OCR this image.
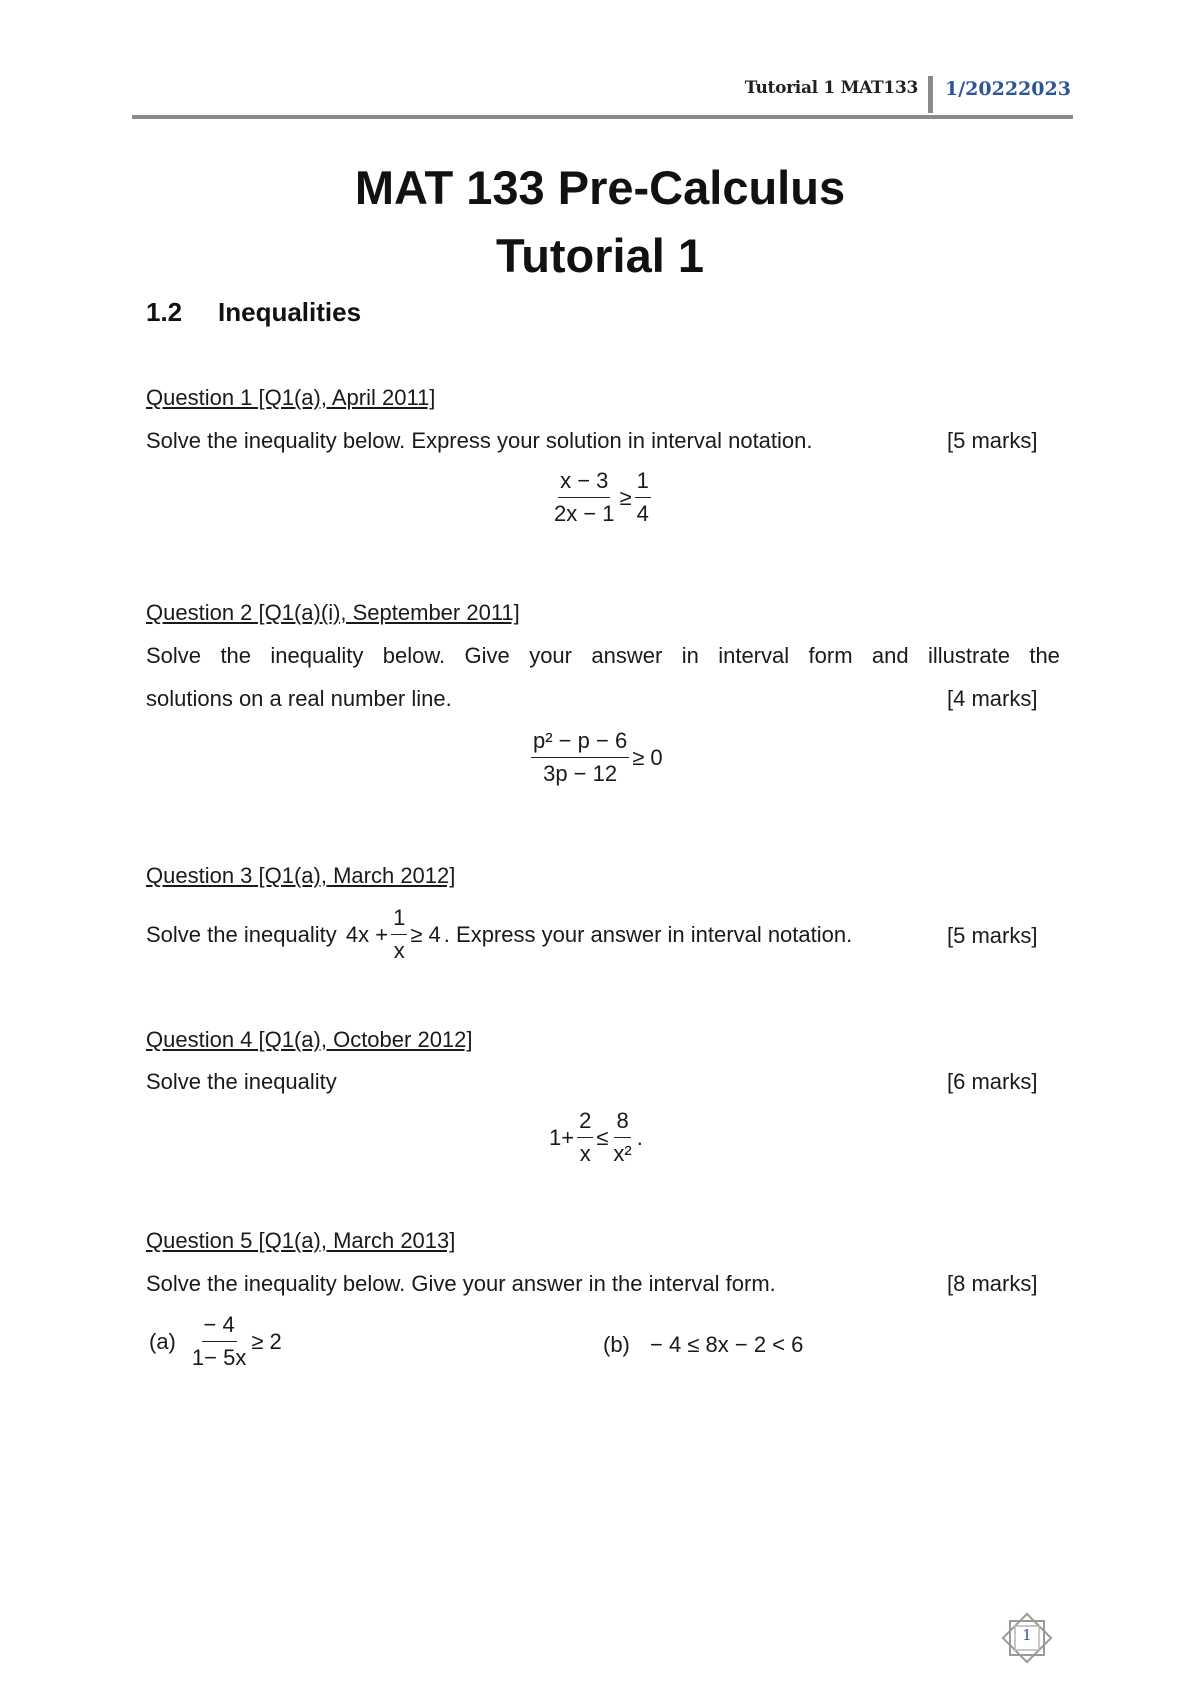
Tutorial 1 MAT133 1/20222023
MAT 133 Pre-Calculus
Tutorial 1
1.2 Inequalities
Question 1 [Q1(a), April 2011]
Solve the inequality below. Express your solution in interval notation.	[5 marks]
$\frac{x - 3}{2x - 1} \ge \frac{1}{4}$
Question 2 [Q1(a)(i), September 2011]
Solve the inequality below. Give your answer in interval form and illustrate the
solutions on a real number line.	[4 marks]
$\frac{\text{p² − p − 6}}{3p - 12} \ge 0$
Question 3 [Q1(a), March 2012]
Solve the inequality $4x + \frac{1}{x} \ge 4$ . Express your answer in interval notation.	[5 marks]
Question 4 [Q1(a), October 2012]
Solve the inequality	[6 marks]
$1+ \frac{2}{x} \le \frac{8}{\text{x²}}$ .
Question 5 [Q1(a), March 2013]
Solve the inequality below. Give your answer in the interval form.	[8 marks]
$(a) \frac{- 4}{1- 5x} \ge 2$	(b) − 4 ≤ 8x − 2 < 6
1
